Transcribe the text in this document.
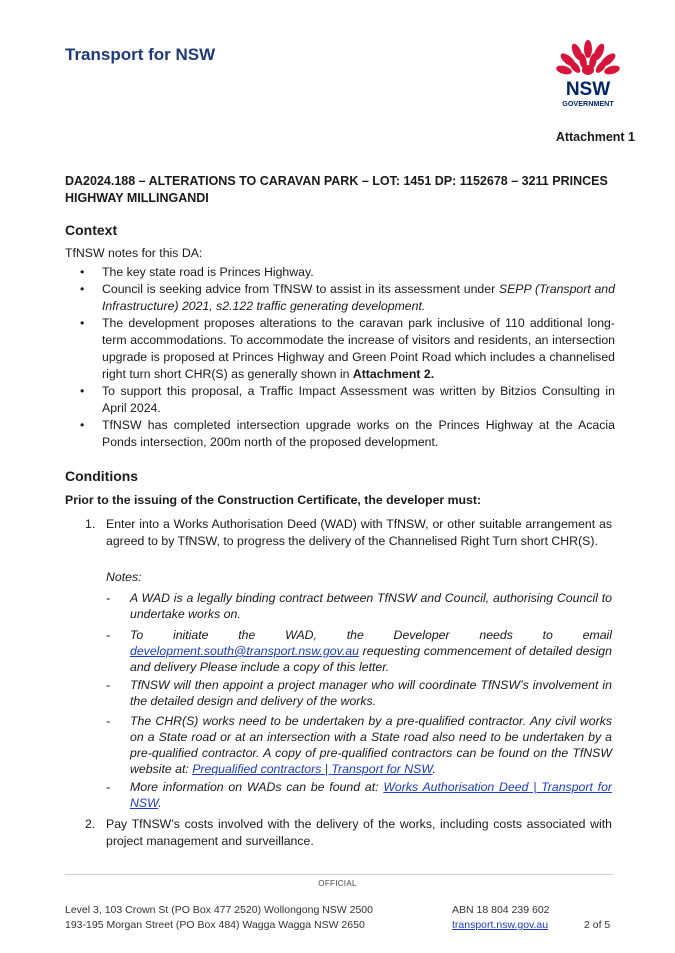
Transport for NSW
NSW
GOVERNMENT
Attachment 1
DA2024.188 – ALTERATIONS TO CARAVAN PARK – LOT: 1451 DP: 1152678 – 3211 PRINCES HIGHWAY MILLINGANDI
Context
TfNSW notes for this DA:
• The key state road is Princes Highway.
• Council is seeking advice from TfNSW to assist in its assessment under SEPP (Transport and Infrastructure) 2021, s2.122 traffic generating development.
• The development proposes alterations to the caravan park inclusive of 110 additional long-term accommodations. To accommodate the increase of visitors and residents, an intersection upgrade is proposed at Princes Highway and Green Point Road which includes a channelised right turn short CHR(S) as generally shown in Attachment 2.
• To support this proposal, a Traffic Impact Assessment was written by Bitzios Consulting in April 2024.
• TfNSW has completed intersection upgrade works on the Princes Highway at the Acacia Ponds intersection, 200m north of the proposed development.
Conditions
Prior to the issuing of the Construction Certificate, the developer must:
1. Enter into a Works Authorisation Deed (WAD) with TfNSW, or other suitable arrangement as agreed to by TfNSW, to progress the delivery of the Channelised Right Turn short CHR(S).
Notes:
- A WAD is a legally binding contract between TfNSW and Council, authorising Council to undertake works on.
- To initiate the WAD, the Developer needs to email development.south@transport.nsw.gov.au requesting commencement of detailed design and delivery Please include a copy of this letter.
- TfNSW will then appoint a project manager who will coordinate TfNSW’s involvement in the detailed design and delivery of the works.
- The CHR(S) works need to be undertaken by a pre-qualified contractor. Any civil works on a State road or at an intersection with a State road also need to be undertaken by a pre-qualified contractor. A copy of pre-qualified contractors can be found on the TfNSW website at: Prequalified contractors | Transport for NSW.
- More information on WADs can be found at: Works Authorisation Deed | Transport for NSW.
2. Pay TfNSW’s costs involved with the delivery of the works, including costs associated with project management and surveillance.
OFFICIAL
Level 3, 103 Crown St (PO Box 477 2520) Wollongong NSW 2500
193-195 Morgan Street (PO Box 484) Wagga Wagga NSW 2650
ABN 18 804 239 602
transport.nsw.gov.au	2 of 5
